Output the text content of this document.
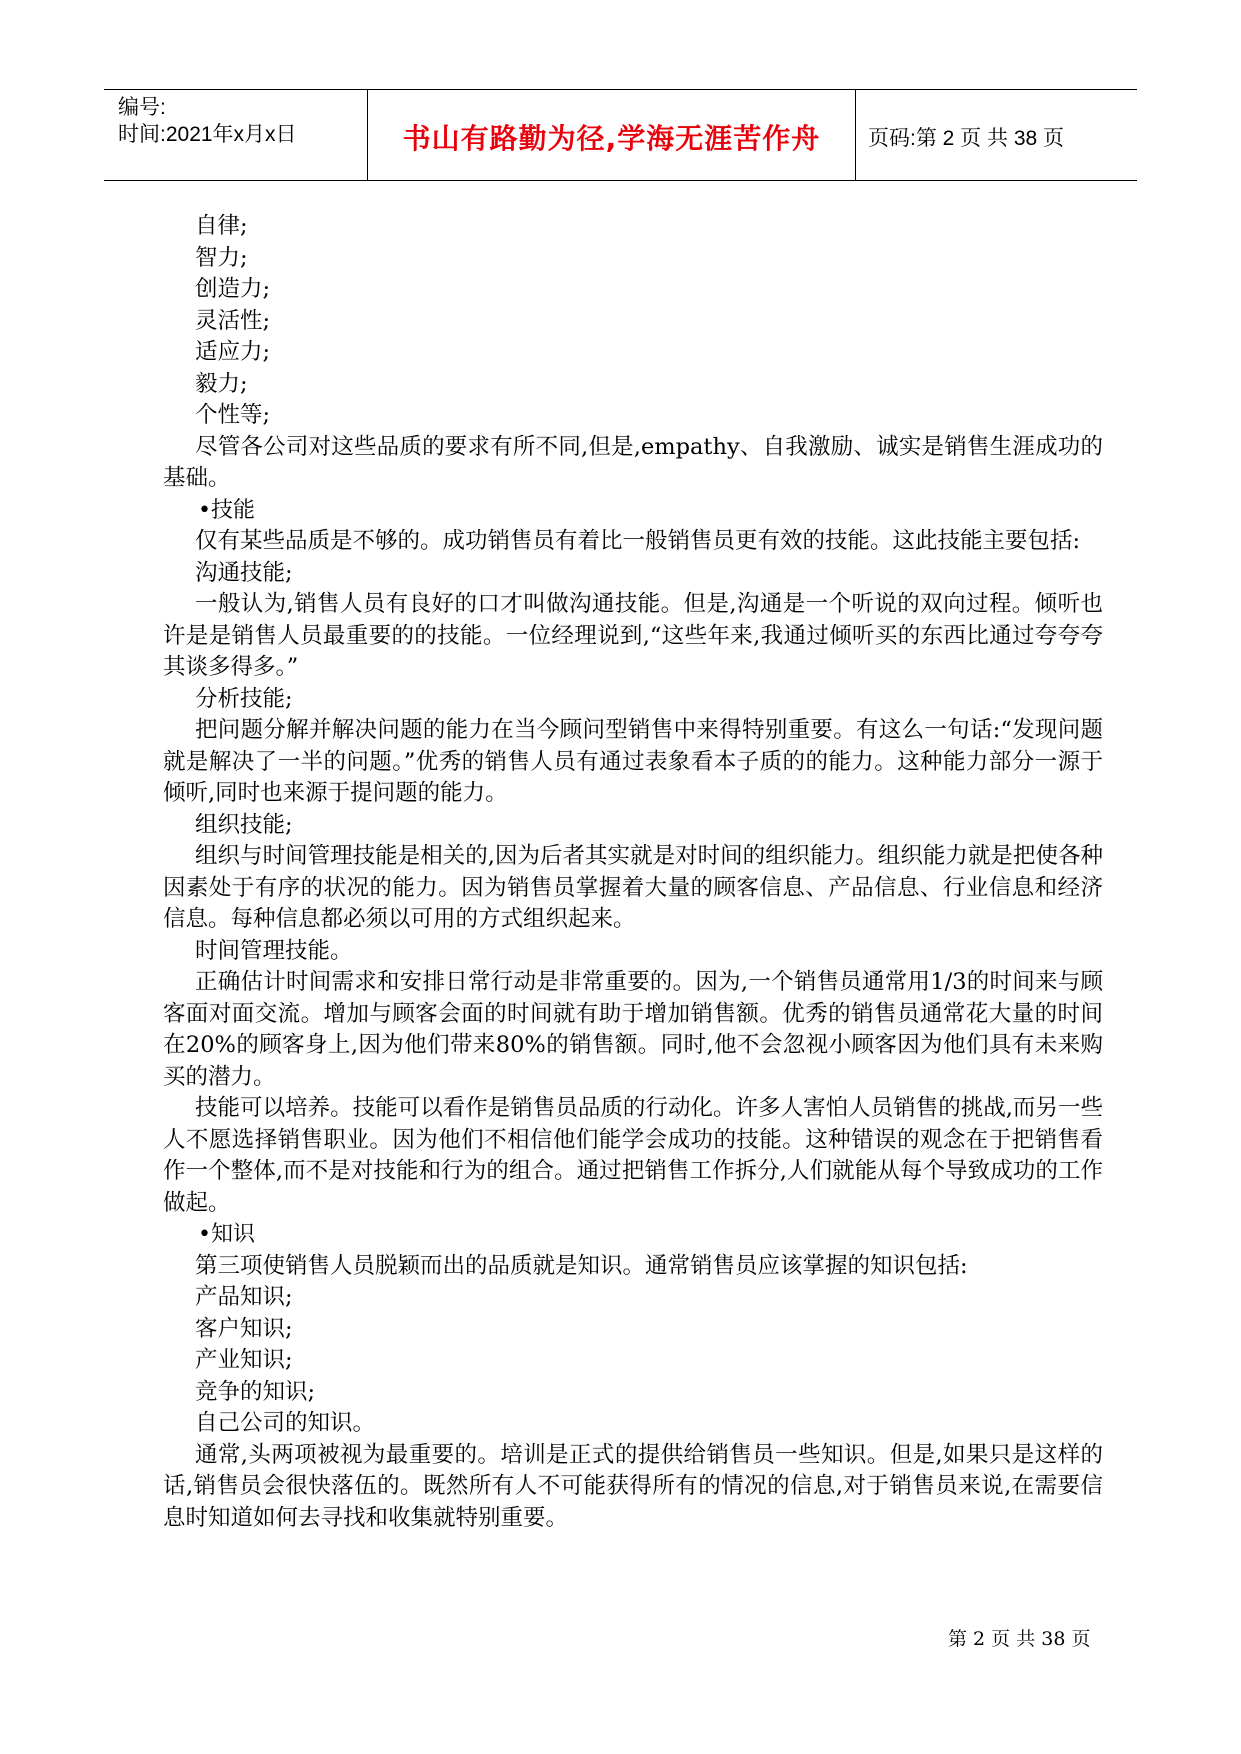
编号:
时间:2021年x月x日	书山有路勤为径,学海无涯苦作舟	页码:第 2 页 共 38 页

自律;

智力;

创造力;

灵活性;

适应力;

毅力;

个性等;

尽管各公司对这些品质的要求有所不同,但是,empathy、自我激励、诚实是销售生涯成功的基础。

•技能

仅有某些品质是不够的。成功销售员有着比一般销售员更有效的技能。这此技能主要包括:

沟通技能;

一般认为,销售人员有良好的口才叫做沟通技能。但是,沟通是一个听说的双向过程。倾听也许是是销售人员最重要的的技能。一位经理说到,“这些年来,我通过倾听买的东西比通过夸夸夸其谈多得多。”

分析技能;

把问题分解并解决问题的能力在当今顾问型销售中来得特别重要。有这么一句话:“发现问题就是解决了一半的问题。”优秀的销售人员有通过表象看本子质的的能力。这种能力部分一源于倾听,同时也来源于提问题的能力。

组织技能;

组织与时间管理技能是相关的,因为后者其实就是对时间的组织能力。组织能力就是把使各种因素处于有序的状况的能力。因为销售员掌握着大量的顾客信息、产品信息、行业信息和经济信息。每种信息都必须以可用的方式组织起来。

时间管理技能。

正确估计时间需求和安排日常行动是非常重要的。因为,一个销售员通常用1/3的时间来与顾客面对面交流。增加与顾客会面的时间就有助于增加销售额。优秀的销售员通常花大量的时间在20%的顾客身上,因为他们带来80%的销售额。同时,他不会忽视小顾客因为他们具有未来购买的潜力。

技能可以培养。技能可以看作是销售员品质的行动化。许多人害怕人员销售的挑战,而另一些人不愿选择销售职业。因为他们不相信他们能学会成功的技能。这种错误的观念在于把销售看作一个整体,而不是对技能和行为的组合。通过把销售工作拆分,人们就能从每个导致成功的工作做起。

•知识

第三项使销售人员脱颖而出的品质就是知识。通常销售员应该掌握的知识包括:

产品知识;

客户知识;

产业知识;

竞争的知识;

自己公司的知识。

通常,头两项被视为最重要的。培训是正式的提供给销售员一些知识。但是,如果只是这样的话,销售员会很快落伍的。既然所有人不可能获得所有的情况的信息,对于销售员来说,在需要信息时知道如何去寻找和收集就特别重要。

第 2 页 共 38 页
